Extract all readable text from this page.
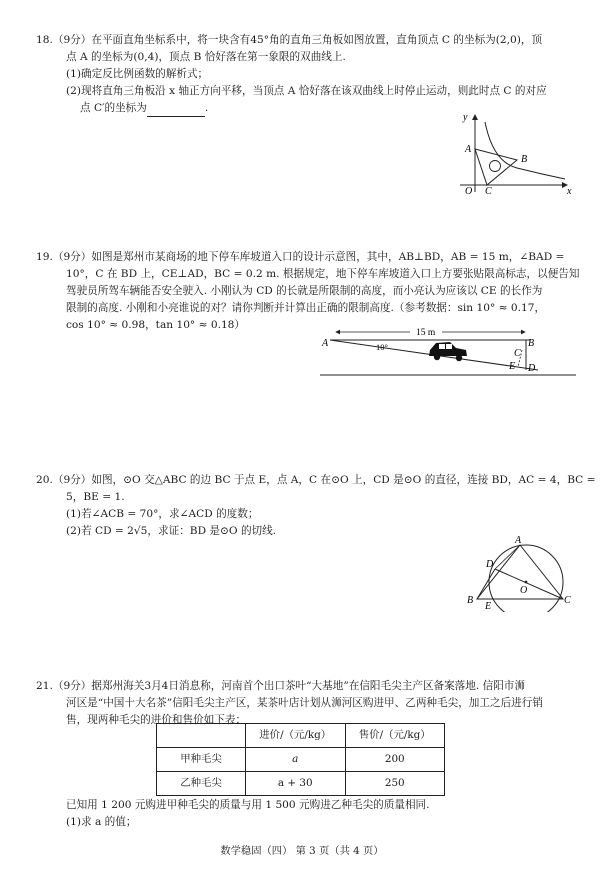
18.（9分）在平面直角坐标系中，将一块含有45°角的直角三角板如图放置，直角顶点 C 的坐标为(2,0)，顶
点 A 的坐标为(0,4)，顶点 B 恰好落在第一象限的双曲线上.
(1)确定反比例函数的解析式；
(2)现将直角三角板沿 x 轴正方向平移，当顶点 A 恰好落在该双曲线上时停止运动，则此时点 C 的对应
点 C′的坐标为	.
y
x
A
B
C
O
19.（9分）如图是郑州市某商场的地下停车库坡道入口的设计示意图，其中，AB⊥BD，AB = 15 m，∠BAD =
10°，C 在 BD 上，CE⊥AD，BC = 0.2 m. 根据规定，地下停车库坡道入口上方要张贴限高标志，以便告知
驾驶员所驾车辆能否安全驶入. 小刚认为 CD 的长就是所限制的高度，而小亮认为应该以 CE 的长作为
限制的高度. 小刚和小亮谁说的对？请你判断并计算出正确的限制高度.（参考数据：sin 10° ≈ 0.17，
cos 10° ≈ 0.98，tan 10° ≈ 0.18）
15 m
10°
A	B
C
D
E
20.（9分）如图，⊙O 交△ABC 的边 BC 于点 E，点 A，C 在⊙O 上，CD 是⊙O 的直径，连接 BD，AC = 4，BC =
5，BE = 1.
(1)若∠ACB = 70°，求∠ACD 的度数；
(2)若 CD = 2√5，求证：BD 是⊙O 的切线.
A
B	C
D
E
O
21.（9分）据郑州海关3月4日消息称，河南首个出口茶叶“大基地”在信阳毛尖主产区备案落地. 信阳市浉
河区是“中国十大名茶”信阳毛尖主产区，某茶叶店计划从浉河区购进甲、乙两种毛尖，加工之后进行销
售，现两种毛尖的进价和售价如下表：
	进价/（元/kg）	售价/（元/kg）
甲种毛尖	a	200
乙种毛尖	a + 30	250
已知用 1 200 元购进甲种毛尖的质量与用 1 500 元购进乙种毛尖的质量相同.
(1)求 a 的值；
数学稳固（四） 第 3 页（共 4 页）
